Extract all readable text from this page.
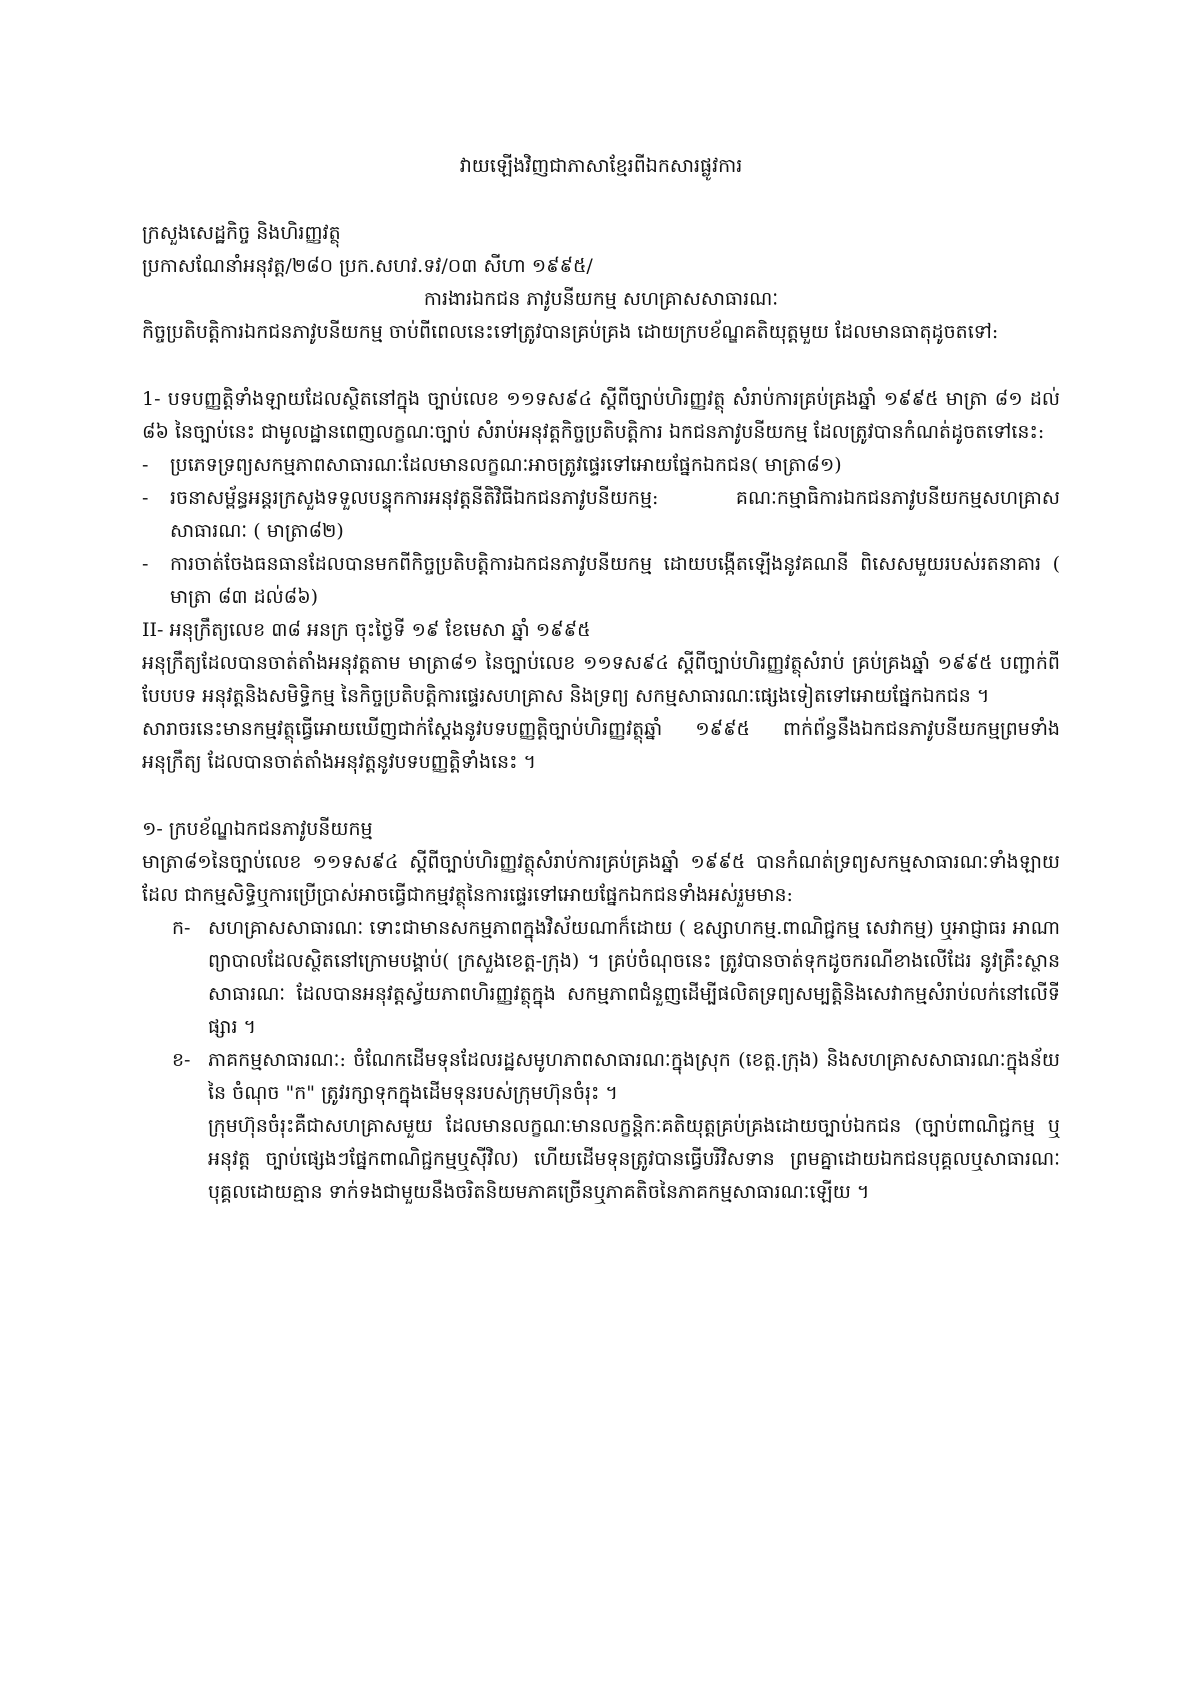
វាយឡើងវិញជាភាសាខ្មែរពីឯកសារផ្លូវការ

ក្រសួងសេដ្ឋកិច្ច និងហិរញ្ញវត្ថុ

ប្រកាសណែនាំអនុវត្ត/២៨០ ប្រក.សហវ.ទវ/០៣ សីហា ១៩៩៥/

ការងារឯកជន ភាវូបនីយកម្ម សហគ្រាសសាធារណៈ

កិច្ចប្រតិបត្តិការឯកជនភាវូបនីយកម្ម ចាប់ពីពេលនេះទៅត្រូវបានគ្រប់គ្រង ដោយក្របខ័ណ្ឌគតិយុត្តមួយ ដែលមានធាតុដូចតទៅ:

1- បទបញ្ញត្តិទាំងឡាយដែលស្ថិតនៅក្នុង ច្បាប់លេខ ១១ទស៩៤ ស្តីពីច្បាប់ហិរញ្ញវត្ថុ សំរាប់ការគ្រប់គ្រងឆ្នាំ ១៩៩៥ មាត្រា ៨១ ដល់ ៨៦ នៃច្បាប់នេះ ជាមូលដ្ឋានពេញលក្ខណៈច្បាប់ សំរាប់អនុវត្តកិច្ចប្រតិបត្តិការ ឯកជនភាវូបនីយកម្ម ដែលត្រូវបានកំណត់ដូចតទៅនេះ:

-	ប្រភេទទ្រព្យសកម្មភាពសាធារណៈដែលមានលក្ខណៈអាចត្រូវផ្ទេរទៅអោយផ្នែកឯកជន( មាត្រា៨១)
-	រចនាសម្ព័ន្ធអន្តរក្រសួងទទួលបន្ទុកការអនុវត្តនីតិវិធីឯកជនភាវូបនីយកម្ម: គណៈកម្មាធិការឯកជនភាវូបនីយកម្មសហគ្រាសសាធារណៈ ( មាត្រា៨២)
-	ការចាត់ចែងធនធានដែលបានមកពីកិច្ចប្រតិបត្តិការឯកជនភាវូបនីយកម្ម ដោយបង្កើតឡើងនូវគណនី ពិសេសមួយរបស់រតនាគារ ( មាត្រា ៨៣ ដល់៨៦)

II- អនុក្រឹត្យលេខ ៣៨ អនក្រ ចុះថ្ងៃទី ១៩ ខែមេសា ឆ្នាំ ១៩៩៥

អនុក្រឹត្យដែលបានចាត់តាំងអនុវត្តតាម មាត្រា៨១ នៃច្បាប់លេខ ១១ទស៩៤ ស្តីពីច្បាប់ហិរញ្ញវត្ថុសំរាប់ គ្រប់គ្រងឆ្នាំ ១៩៩៥ បញ្ជាក់ពីបែបបទ អនុវត្តនិងសមិទ្ធិកម្ម នៃកិច្ចប្រតិបត្តិការផ្ទេរសហគ្រាស និងទ្រព្យ សកម្មសាធារណៈផ្សេងទៀតទៅអោយផ្នែកឯកជន ។

សារាចរនេះមានកម្មវត្ថុធ្វើអោយឃើញជាក់ស្តែងនូវបទបញ្ញត្តិច្បាប់ហិរញ្ញវត្ថុឆ្នាំ ១៩៩៥ ពាក់ព័ន្ធនឹងឯកជនភាវូបនីយកម្មព្រមទាំង អនុក្រឹត្យ ដែលបានចាត់តាំងអនុវត្តនូវបទបញ្ញត្តិទាំងនេះ ។

១- ក្របខ័ណ្ឌឯកជនភាវូបនីយកម្ម

មាត្រា៨១នៃច្បាប់លេខ ១១ទស៩៤ ស្តីពីច្បាប់ហិរញ្ញវត្ថុសំរាប់ការគ្រប់គ្រងឆ្នាំ ១៩៩៥ បានកំណត់ទ្រព្យសកម្មសាធារណៈទាំងឡាយដែល ជាកម្មសិទ្ធិឬការប្រើប្រាស់អាចធ្វើជាកម្មវត្ថុនៃការផ្ទេរទៅអោយផ្នែកឯកជនទាំងអស់រួមមាន:

ក- សហគ្រាសសាធារណៈ ទោះជាមានសកម្មភាពក្នុងវិស័យណាក៏ដោយ ( ឧស្សាហកម្ម.ពាណិជ្ជកម្ម សេវាកម្ម) ឬអាជ្ញាធរ អាណាព្យាបាលដែលស្ថិតនៅក្រោមបង្គាប់( ក្រសួងខេត្ត-ក្រុង) ។ គ្រប់ចំណុចនេះ ត្រូវបានចាត់ទុកដូចករណីខាងលើដែរ នូវគ្រឹះស្ថាន សាធារណៈ ដែលបានអនុវត្តស្វ័យភាពហិរញ្ញវត្ថុក្នុង សកម្មភាពជំនួញដើម្បីផលិតទ្រព្យសម្បត្តិនិងសេវាកម្មសំរាប់លក់នៅលើទីផ្សារ ។
ខ- ភាគកម្មសាធារណៈ: ចំណែកដើមទុនដែលរដ្ឋសមូហភាពសាធារណៈក្នុងស្រុក (ខេត្ត.ក្រុង) និងសហគ្រាសសាធារណៈក្នុងន័យនៃ ចំណុច "ក" ត្រូវរក្សាទុកក្នុងដើមទុនរបស់ក្រុមហ៊ុនចំរុះ ។

ក្រុមហ៊ុនចំរុះគឺជាសហគ្រាសមួយ ដែលមានលក្ខណៈមានលក្ខន្តិកៈគតិយុត្តគ្រប់គ្រងដោយច្បាប់ឯកជន (ច្បាប់ពាណិជ្ជកម្ម ឬអនុវត្ត ច្បាប់ផ្សេងៗផ្នែកពាណិជ្ជកម្មឬស៊ីវិល) ហើយដើមទុនត្រូវបានធ្វើបរិវិសទាន ព្រមគ្នាដោយឯកជនបុគ្គលឬសាធារណៈបុគ្គលដោយគ្មាន ទាក់ទងជាមួយនឹងចរិតនិយមភាគច្រើនឬភាគតិចនៃភាគកម្មសាធារណៈឡើយ ។
